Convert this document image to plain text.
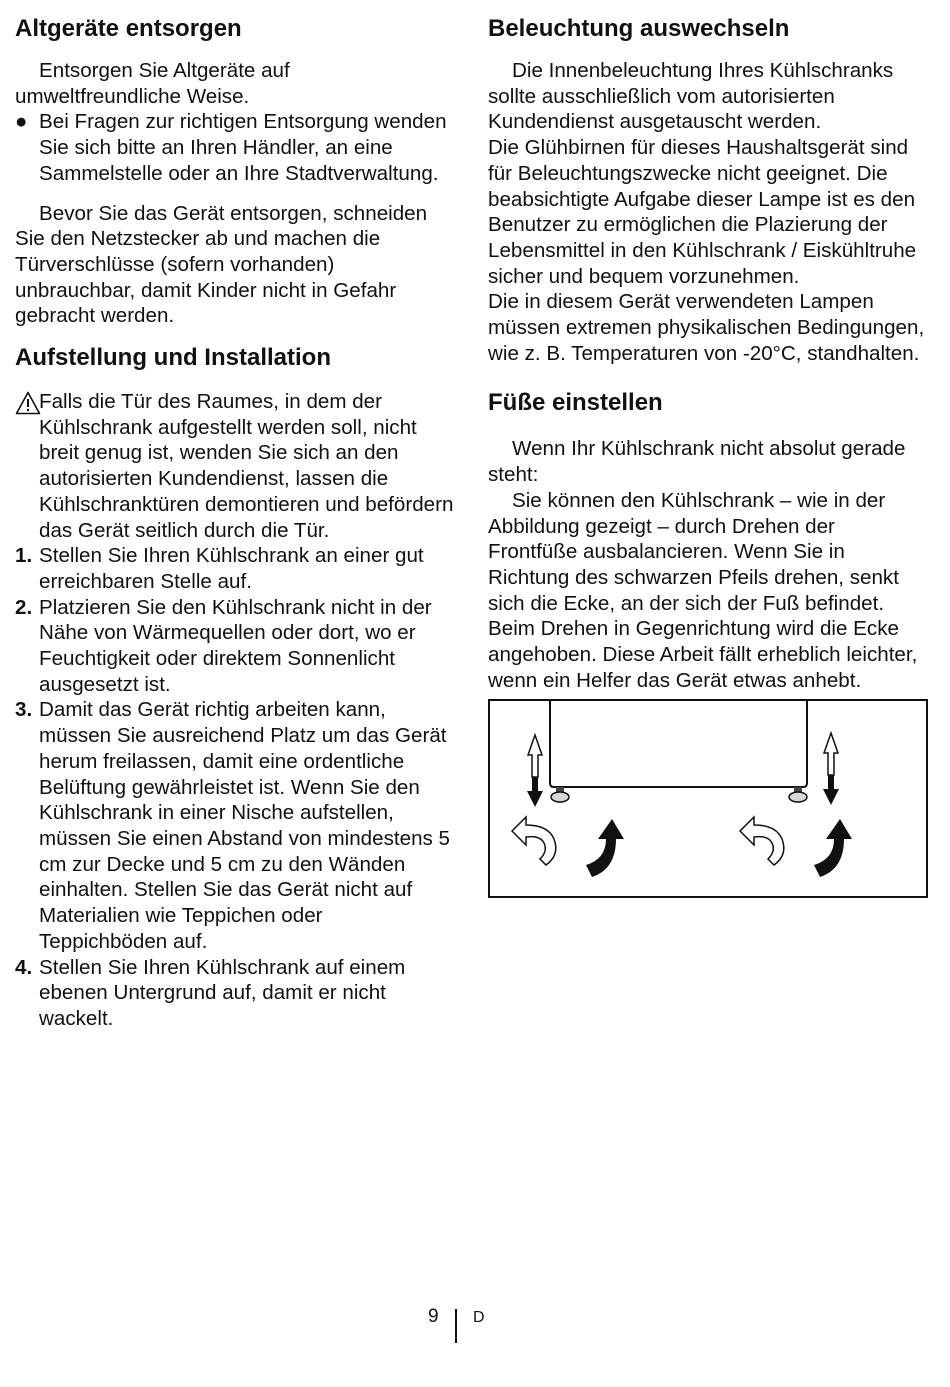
Altgeräte entsorgen

Entsorgen Sie Altgeräte auf umweltfreundliche Weise.

● Bei Fragen zur richtigen Entsorgung wenden Sie sich bitte an Ihren Händler, an eine Sammelstelle oder an Ihre Stadtverwaltung.

Bevor Sie das Gerät entsorgen, schneiden Sie den Netzstecker ab und machen die Türverschlüsse (sofern vorhanden) unbrauchbar, damit Kinder nicht in Gefahr gebracht werden.

Aufstellung und Installation

Falls die Tür des Raumes, in dem der Kühlschrank aufgestellt werden soll, nicht breit genug ist, wenden Sie sich an den autorisierten Kundendienst, lassen die Kühlschranktüren demontieren und befördern das Gerät seitlich durch die Tür.

1. Stellen Sie Ihren Kühlschrank an einer gut erreichbaren Stelle auf.

2. Platzieren Sie den Kühlschrank nicht in der Nähe von Wärmequellen oder dort, wo er Feuchtigkeit oder direktem Sonnenlicht ausgesetzt ist.

3. Damit das Gerät richtig arbeiten kann, müssen Sie ausreichend Platz um das Gerät herum freilassen, damit eine ordentliche Belüftung gewährleistet ist. Wenn Sie den Kühlschrank in einer Nische aufstellen, müssen Sie einen Abstand von mindestens 5 cm zur Decke und 5 cm zu den Wänden einhalten. Stellen Sie das Gerät nicht auf Materialien wie Teppichen oder Teppichböden auf.

4. Stellen Sie Ihren Kühlschrank auf einem ebenen Untergrund auf, damit er nicht wackelt.

Beleuchtung auswechseln

Die Innenbeleuchtung Ihres Kühlschranks sollte ausschließlich vom autorisierten Kundendienst ausgetauscht werden.

Die Glühbirnen für dieses Haushaltsgerät sind für Beleuchtungszwecke nicht geeignet. Die beabsichtigte Aufgabe dieser Lampe ist es den Benutzer zu ermöglichen die Plazierung der Lebensmittel in den Kühlschrank / Eiskühltruhe sicher und bequem vorzunehmen.

Die in diesem Gerät verwendeten Lampen müssen extremen physikalischen Bedingungen, wie z. B. Temperaturen von -20°C, standhalten.

Füße einstellen

Wenn Ihr Kühlschrank nicht absolut gerade steht:

Sie können den Kühlschrank – wie in der Abbildung gezeigt – durch Drehen der Frontfüße ausbalancieren. Wenn Sie in Richtung des schwarzen Pfeils drehen, senkt sich die Ecke, an der sich der Fuß befindet. Beim Drehen in Gegenrichtung wird die Ecke angehoben. Diese Arbeit fällt erheblich leichter, wenn ein Helfer das Gerät etwas anhebt.

9 D
